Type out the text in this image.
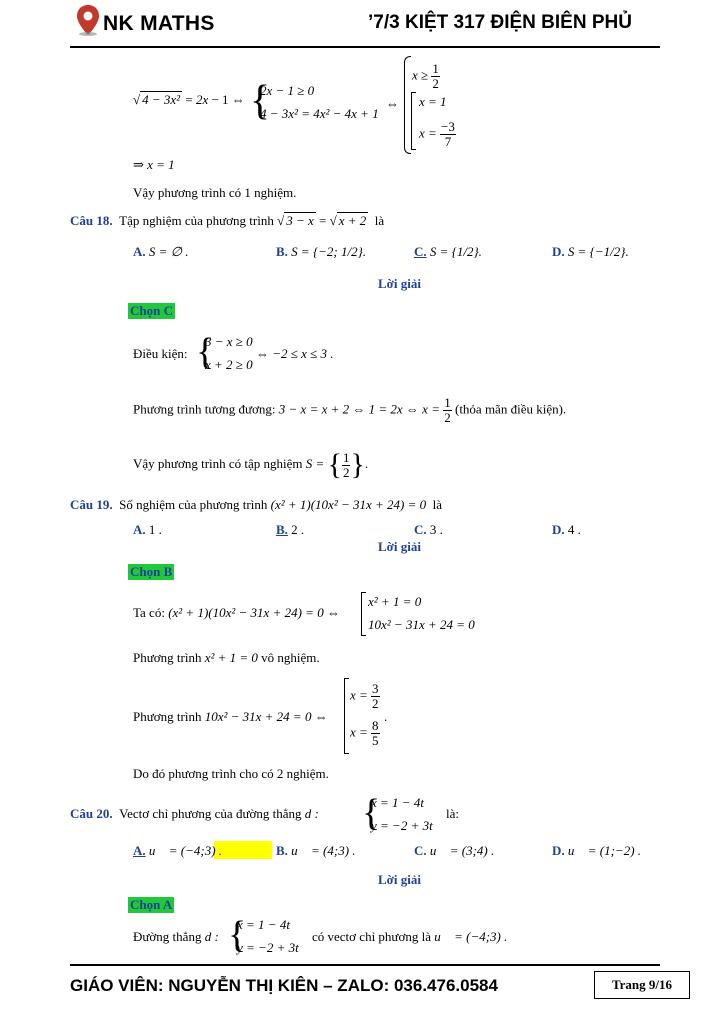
NK MATHS	’7/3 KIỆT 317 ĐIỆN BIÊN PHỦ
√ 4 − 3x² = 2x − 1 ⇔ {
2x − 1 ≥ 0
4 − 3x² = 4x² − 4x + 1
⇔
$x \ge \frac{1}{2}$
x = 1
$x = \frac{-3}{7}$
⇒ x = 1
Vậy phương trình có 1 nghiệm.
Câu 18. Tập nghiệm của phương trình √ 3 − x = √ x + 2 là
A. S = ∅ .	B. S = {−2; 1/2}.	C. S = {1/2}.	D. S = {−1/2}.
Lời giải
Chọn C
Điều kiện: {
3 − x ≥ 0
x + 2 ≥ 0
⇔ −2 ≤ x ≤ 3 .
Phương trình tương đương: 3 − x = x + 2 ⇔ 1 = 2x ⇔ $x = \frac{1}{2}$ (thỏa mãn điều kiện).
Vậy phương trình có tập nghiệm S = { $\frac{1}{2}$ }.
Câu 19. Số nghiệm của phương trình (x² + 1)(10x² − 31x + 24) = 0 là
A. 1 .	B. 2 .	C. 3 .	D. 4 .
Lời giải
Chọn B
Ta có: (x² + 1)(10x² − 31x + 24) = 0 ⇔
x² + 1 = 0
10x² − 31x + 24 = 0
Phương trình x² + 1 = 0 vô nghiệm.
Phương trình 10x² − 31x + 24 = 0 ⇔
$x = \frac{3}{2}$
$x = \frac{8}{5}$
.
Do đó phương trình cho có 2 nghiệm.
Câu 20. Vectơ chỉ phương của đường thẳng d : {
x = 1 − 4t
y = −2 + 3t
là:
A. u⃗ = (−4;3) .	B. u⃗ = (4;3) .	C. u⃗ = (3;4) .	D. u⃗ = (1;−2) .
Lời giải
Chọn A
Đường thẳng d : {
x = 1 − 4t
y = −2 + 3t
có vectơ chỉ phương là u⃗ = (−4;3) .
GIÁO VIÊN: NGUYỄN THỊ KIÊN – ZALO: 036.476.0584	Trang 9/16
